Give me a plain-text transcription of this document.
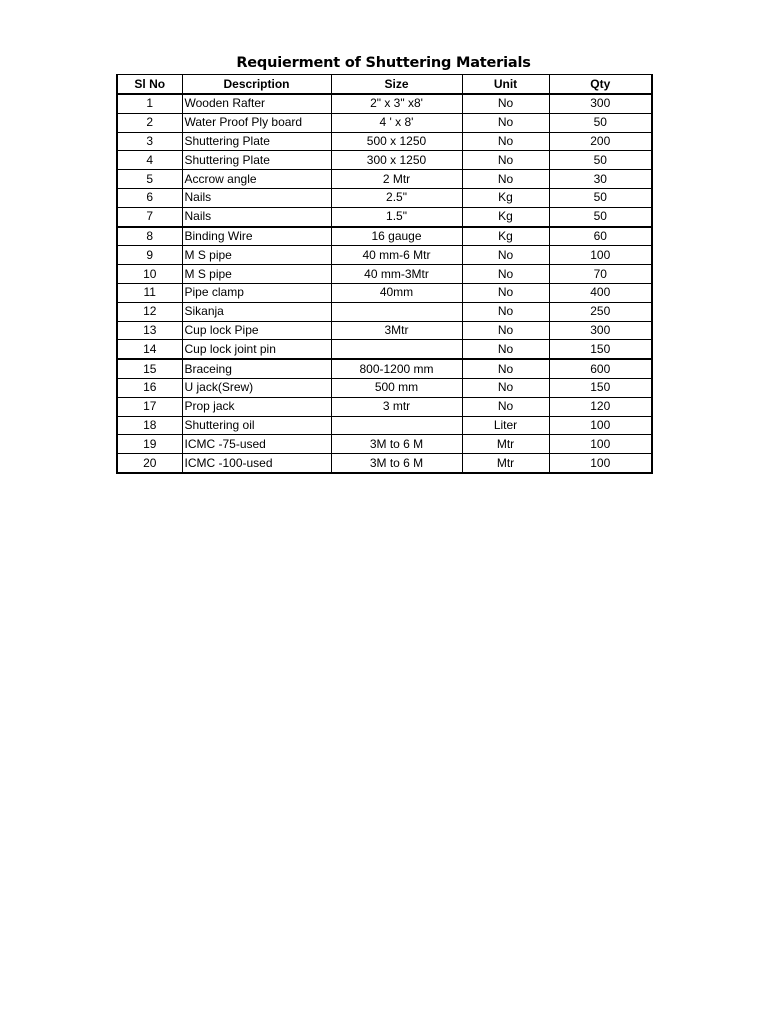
Requierment of Shuttering Materials
Sl No	Description	Size	Unit	Qty
1	Wooden Rafter	2" x 3" x8'	No	300
2	Water Proof Ply board	4 ' x 8'	No	50
3	Shuttering Plate	500 x 1250	No	200
4	Shuttering Plate	300 x 1250	No	50
5	Accrow angle	2 Mtr	No	30
6	Nails	2.5"	Kg	50
7	Nails	1.5"	Kg	50
8	Binding Wire	16 gauge	Kg	60
9	M S pipe	40 mm-6 Mtr	No	100
10	M S pipe	40 mm-3Mtr	No	70
11	Pipe clamp	40mm	No	400
12	Sikanja		No	250
13	Cup lock Pipe	3Mtr	No	300
14	Cup lock joint pin		No	150
15	Braceing	800-1200 mm	No	600
16	U jack(Srew)	500 mm	No	150
17	Prop jack	3 mtr	No	120
18	Shuttering oil		Liter	100
19	ICMC -75-used	3M to 6 M	Mtr	100
20	ICMC -100-used	3M to 6 M	Mtr	100
